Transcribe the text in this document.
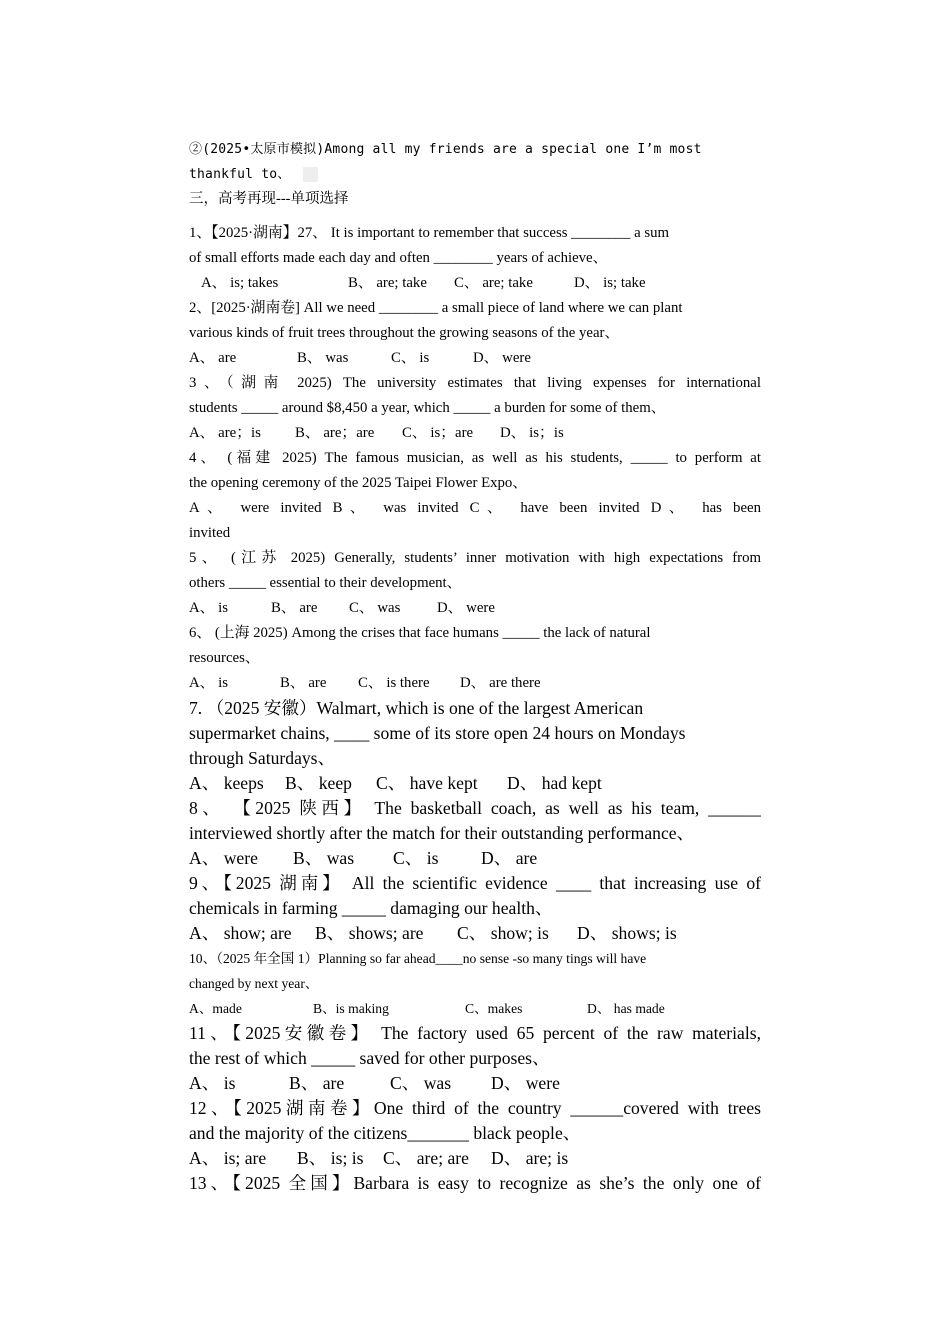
②(2025•太原市模拟)Among all my friends are a special one I’m most
thankful to、
三，高考再现---单项选择
1、【2025·湖南】27、 It is important to remember that success ________ a sum
of small efforts made each day and often ________ years of achieve、
A、 is; takes	B、 are; take C、 are; take	D、 is; take
2、[2025·湖南卷] All we need ________ a small piece of land where we can plant
various kinds of fruit trees throughout the growing seasons of the year、
A、 are	B、 was	C、 is	D、 were
3、（湖南 2025) The university estimates that living expenses for international
students _____ around $8,450 a year, which _____ a burden for some of them、
A、 are；is B、 are；are C、 is；are D、 is；is
4、 (福建 2025) The famous musician, as well as his students, _____ to perform at
the opening ceremony of the 2025 Taipei Flower Expo、
A、 were invited B、 was invited C、 have been invited D、 has been
invited
5、 (江苏 2025) Generally, students’ inner motivation with high expectations from
others _____ essential to their development、
A、 is	B、 are C、 was D、 were
6、 (上海 2025) Among the crises that face humans _____ the lack of natural
resources、
A、 is	B、 are C、 is there D、 are there
7. （2025 安徽）Walmart, which is one of the largest American
supermarket chains, ____ some of its store open 24 hours on Mondays
through Saturdays、
A、 keeps B、 keep C、 have kept D、 had kept
8、 【2025 陕西】 The basketball coach, as well as his team, ______
interviewed shortly after the match for their outstanding performance、
A、 were B、 was C、 is D、 are
9、【2025 湖南】 All the scientific evidence ____ that increasing use of
chemicals in farming _____ damaging our health、
A、 show; are B、 shows; are C、 show; is D、 shows; is
10、（2025 年全国 1）Planning so far ahead____no sense -so many tings will have
changed by next year、
A、made	B、is making	C、makes	D、 has made
11、【2025安徽卷】 The factory used 65 percent of the raw materials,
the rest of which _____ saved for other purposes、
A、 is	B、 are	C、 was D、 were
12、【2025湖南卷】One third of the country ______covered with trees
and the majority of the citizens_______ black people、
A、 is; are B、 is; is C、 are; are D、 are; is
13、【2025 全国】Barbara is easy to recognize as she’s the only one of
